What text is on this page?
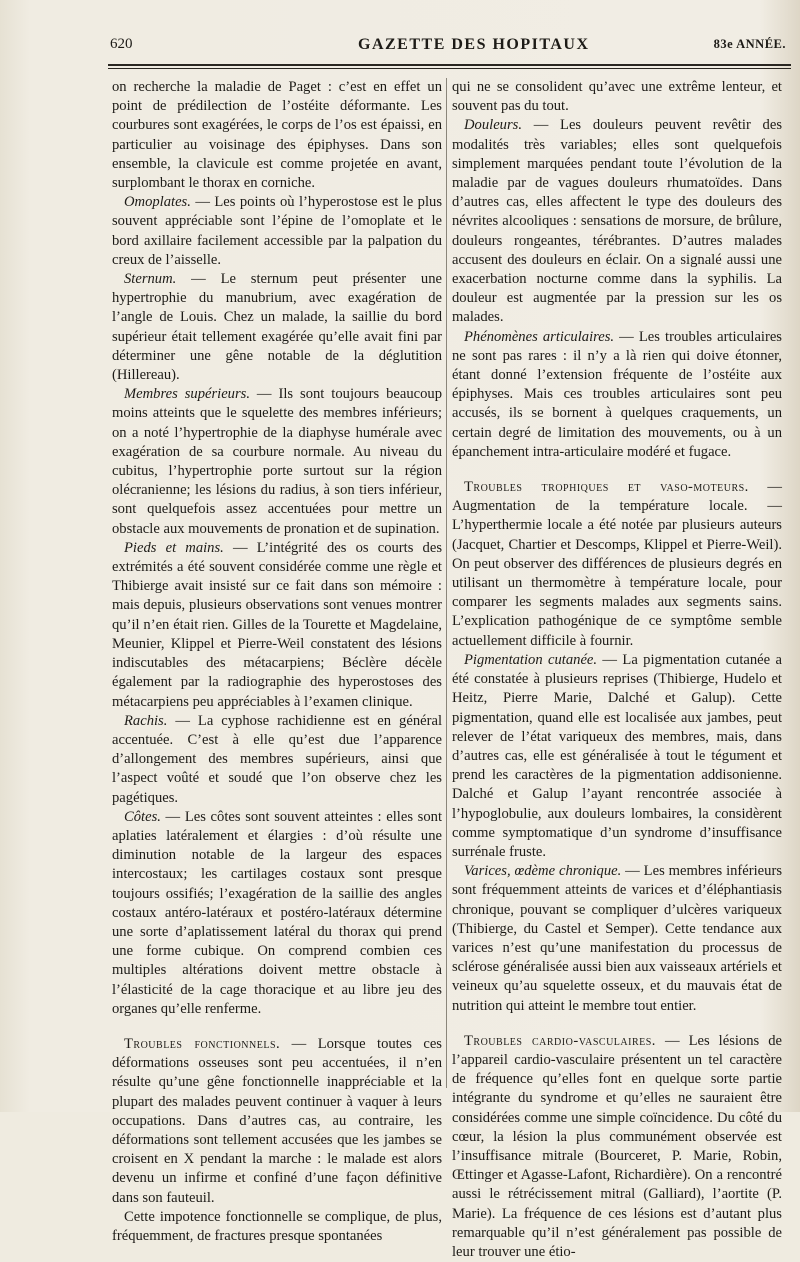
620	GAZETTE DES HOPITAUX	83e ANNÉE.

on recherche la maladie de Paget : c’est en effet un point de prédilection de l’ostéite déformante. Les courbures sont exagérées, le corps de l’os est épaissi, en particulier au voisinage des épiphyses. Dans son ensemble, la clavicule est comme projetée en avant, surplombant le thorax en corniche.

Omoplates. — Les points où l’hyperostose est le plus souvent appréciable sont l’épine de l’omoplate et le bord axillaire facilement accessible par la palpation du creux de l’aisselle.

Sternum. — Le sternum peut présenter une hypertrophie du manubrium, avec exagération de l’angle de Louis. Chez un malade, la saillie du bord supérieur était tellement exagérée qu’elle avait fini par déterminer une gêne notable de la déglutition (Hillereau).

Membres supérieurs. — Ils sont toujours beaucoup moins atteints que le squelette des membres inférieurs; on a noté l’hypertrophie de la diaphyse humérale avec exagération de sa courbure normale. Au niveau du cubitus, l’hypertrophie porte surtout sur la région olécranienne; les lésions du radius, à son tiers inférieur, sont quelquefois assez accentuées pour mettre un obstacle aux mouvements de pronation et de supination.

Pieds et mains. — L’intégrité des os courts des extrémités a été souvent considérée comme une règle et Thibierge avait insisté sur ce fait dans son mémoire : mais depuis, plusieurs observations sont venues montrer qu’il n’en était rien. Gilles de la Tourette et Magdelaine, Meunier, Klippel et Pierre-Weil constatent des lésions indiscutables des métacarpiens; Béclère décèle également par la radiographie des hyperostoses des métacarpiens peu appréciables à l’examen clinique.

Rachis. — La cyphose rachidienne est en général accentuée. C’est à elle qu’est due l’apparence d’allongement des membres supérieurs, ainsi que l’aspect voûté et soudé que l’on observe chez les pagétiques.

Côtes. — Les côtes sont souvent atteintes : elles sont aplaties latéralement et élargies : d’où résulte une diminution notable de la largeur des espaces intercostaux; les cartilages costaux sont presque toujours ossifiés; l’exagération de la saillie des angles costaux antéro-latéraux et postéro-latéraux détermine une sorte d’aplatissement latéral du thorax qui prend une forme cubique. On comprend combien ces multiples altérations doivent mettre obstacle à l’élasticité de la cage thoracique et au libre jeu des organes qu’elle renferme.

Troubles fonctionnels. — Lorsque toutes ces déformations osseuses sont peu accentuées, il n’en résulte qu’une gêne fonctionnelle inappréciable et la plupart des malades peuvent continuer à vaquer à leurs occupations. Dans d’autres cas, au contraire, les déformations sont tellement accusées que les jambes se croisent en X pendant la marche : le malade est alors devenu un infirme et confiné d’une façon définitive dans son fauteuil.

Cette impotence fonctionnelle se complique, de plus, fréquemment, de fractures presque spontanées

qui ne se consolident qu’avec une extrême lenteur, et souvent pas du tout.

Douleurs. — Les douleurs peuvent revêtir des modalités très variables; elles sont quelquefois simplement marquées pendant toute l’évolution de la maladie par de vagues douleurs rhumatoïdes. Dans d’autres cas, elles affectent le type des douleurs des névrites alcooliques : sensations de morsure, de brûlure, douleurs rongeantes, térébrantes. D’autres malades accusent des douleurs en éclair. On a signalé aussi une exacerbation nocturne comme dans la syphilis. La douleur est augmentée par la pression sur les os malades.

Phénomènes articulaires. — Les troubles articulaires ne sont pas rares : il n’y a là rien qui doive étonner, étant donné l’extension fréquente de l’ostéite aux épiphyses. Mais ces troubles articulaires sont peu accusés, ils se bornent à quelques craquements, un certain degré de limitation des mouvements, ou à un épanchement intra-articulaire modéré et fugace.

Troubles trophiques et vaso-moteurs. — Augmentation de la température locale. — L’hyperthermie locale a été notée par plusieurs auteurs (Jacquet, Chartier et Descomps, Klippel et Pierre-Weil). On peut observer des différences de plusieurs degrés en utilisant un thermomètre à température locale, pour comparer les segments malades aux segments sains. L’explication pathogénique de ce symptôme semble actuellement difficile à fournir.

Pigmentation cutanée. — La pigmentation cutanée a été constatée à plusieurs reprises (Thibierge, Hudelo et Heitz, Pierre Marie, Dalché et Galup). Cette pigmentation, quand elle est localisée aux jambes, peut relever de l’état variqueux des membres, mais, dans d’autres cas, elle est généralisée à tout le tégument et prend les caractères de la pigmentation addisonienne. Dalché et Galup l’ayant rencontrée associée à l’hypoglobulie, aux douleurs lombaires, la considèrent comme symptomatique d’un syndrome d’insuffisance surrénale fruste.

Varices, œdème chronique. — Les membres inférieurs sont fréquemment atteints de varices et d’éléphantiasis chronique, pouvant se compliquer d’ulcères variqueux (Thibierge, du Castel et Semper). Cette tendance aux varices n’est qu’une manifestation du processus de sclérose généralisée aussi bien aux vaisseaux artériels et veineux qu’au squelette osseux, et du mauvais état de nutrition qui atteint le membre tout entier.

Troubles cardio-vasculaires. — Les lésions de l’appareil cardio-vasculaire présentent un tel caractère de fréquence qu’elles font en quelque sorte partie intégrante du syndrome et qu’elles ne sauraient être considérées comme une simple coïncidence. Du côté du cœur, la lésion la plus communément observée est l’insuffisance mitrale (Bourceret, P. Marie, Robin, Œttinger et Agasse-Lafont, Richardière). On a rencontré aussi le rétrécissement mitral (Galliard), l’aortite (P. Marie). La fréquence de ces lésions est d’autant plus remarquable qu’il n’est généralement pas possible de leur trouver une étio-
